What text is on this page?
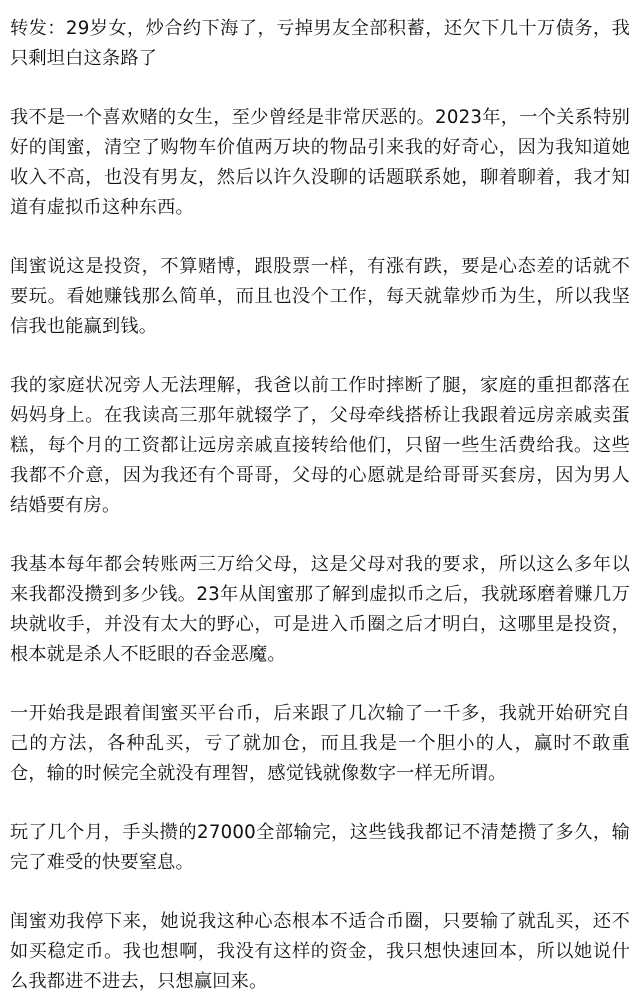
转发：29岁女，炒合约下海了，亏掉男友全部积蓄，还欠下几十万债务，我只剩坦白这条路了

我不是一个喜欢赌的女生，至少曾经是非常厌恶的。2023年，一个关系特别好的闺蜜，清空了购物车价值两万块的物品引来我的好奇心，因为我知道她收入不高，也没有男友，然后以许久没聊的话题联系她，聊着聊着，我才知道有虚拟币这种东西。

闺蜜说这是投资，不算赌博，跟股票一样，有涨有跌，要是心态差的话就不要玩。看她赚钱那么简单，而且也没个工作，每天就靠炒币为生，所以我坚信我也能赢到钱。

我的家庭状况旁人无法理解，我爸以前工作时摔断了腿，家庭的重担都落在妈妈身上。在我读高三那年就辍学了，父母牵线搭桥让我跟着远房亲戚卖蛋糕，每个月的工资都让远房亲戚直接转给他们，只留一些生活费给我。这些我都不介意，因为我还有个哥哥，父母的心愿就是给哥哥买套房，因为男人结婚要有房。

我基本每年都会转账两三万给父母，这是父母对我的要求，所以这么多年以来我都没攒到多少钱。23年从闺蜜那了解到虚拟币之后，我就琢磨着赚几万块就收手，并没有太大的野心，可是进入币圈之后才明白，这哪里是投资，根本就是杀人不眨眼的吞金恶魔。

一开始我是跟着闺蜜买平台币，后来跟了几次输了一千多，我就开始研究自己的方法，各种乱买，亏了就加仓，而且我是一个胆小的人，赢时不敢重仓，输的时候完全就没有理智，感觉钱就像数字一样无所谓。

玩了几个月，手头攒的27000全部输完，这些钱我都记不清楚攒了多久，输完了难受的快要窒息。

闺蜜劝我停下来，她说我这种心态根本不适合币圈，只要输了就乱买，还不如买稳定币。我也想啊，我没有这样的资金，我只想快速回本，所以她说什么我都进不进去，只想赢回来。
